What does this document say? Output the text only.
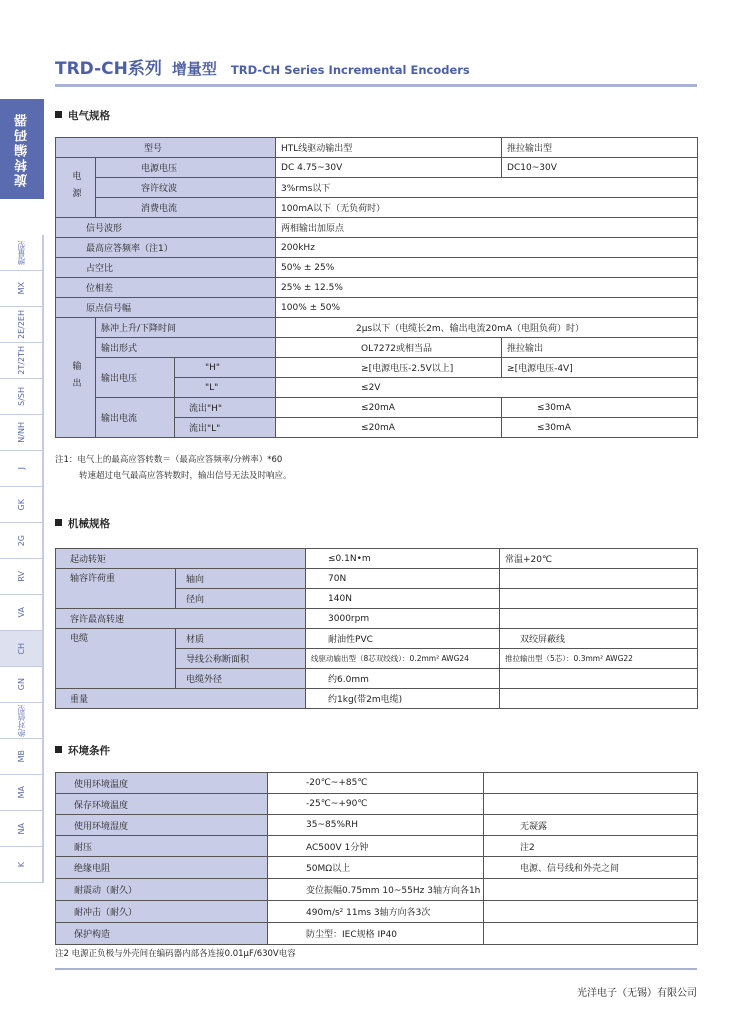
TRD-CH系列 增量型 TRD-CH Series Incremental Encoders
旋转编码器
增量型
MX
2E/2EH
2T/2TH
S/SH
N/NH
J
GK
2G
RV
VA
CH
GN
绝对值型
MB
MA
NA
K
电气规格
型号			HTL线驱动输出型	推拉输出型

电源	电源电压		DC 4.75~30V	DC10~30V
	容许纹波		3%rms以下	
	消费电流		100mA以下（无负荷时）	
信号波形			两相输出加原点	
最高应答频率（注1）			200kHz	
占空比			50% ± 25%	
位相差			25% ± 12.5%	
原点信号幅			100% ± 50%	

输出	脉冲上升/下降时间		2μs以下（电缆长2m、输出电流20mA（电阻负荷）时）	
	输出形式		OL7272或相当品	推拉输出
	输出电压	"H"	≥[电源电压-2.5V以上]	≥[电源电压-4V]
		"L"	≤2V	
	输出电流	流出"H"	≤20mA	≤30mA
		流出"L"	≤20mA	≤30mA
注1：电气上的最高应答转数＝（最高应答频率/分辨率）*60
转速超过电气最高应答转数时，输出信号无法及时响应。
机械规格
起动转矩		≤0.1N•m	常温+20℃
轴容许荷重	轴向	70N	
	径向	140N	
容许最高转速		3000rpm	
电缆	材质	耐油性PVC	双绞屏蔽线
	导线公称断面积	线驱动输出型（8芯双绞线）：0.2mm² AWG24	推拉输出型（5芯）：0.3mm² AWG22
	电缆外径	约6.0mm	
重量		约1kg(带2m电缆)	
环境条件
使用环境温度	-20℃~+85℃	
保存环境温度	-25℃~+90℃	
使用环境湿度	35~85%RH	无凝露
耐压	AC500V 1分钟	注2
绝缘电阻	50MΩ以上	电源、信号线和外壳之间
耐震动（耐久）	变位振幅0.75mm 10~55Hz 3轴方向各1h	
耐冲击（耐久）	490m/s² 11ms 3轴方向各3次	
保护构造	防尘型：IEC规格 IP40	
注2 电源正负极与外壳间在编码器内部各连接0.01μF/630V电容
光洋电子（无锡）有限公司
